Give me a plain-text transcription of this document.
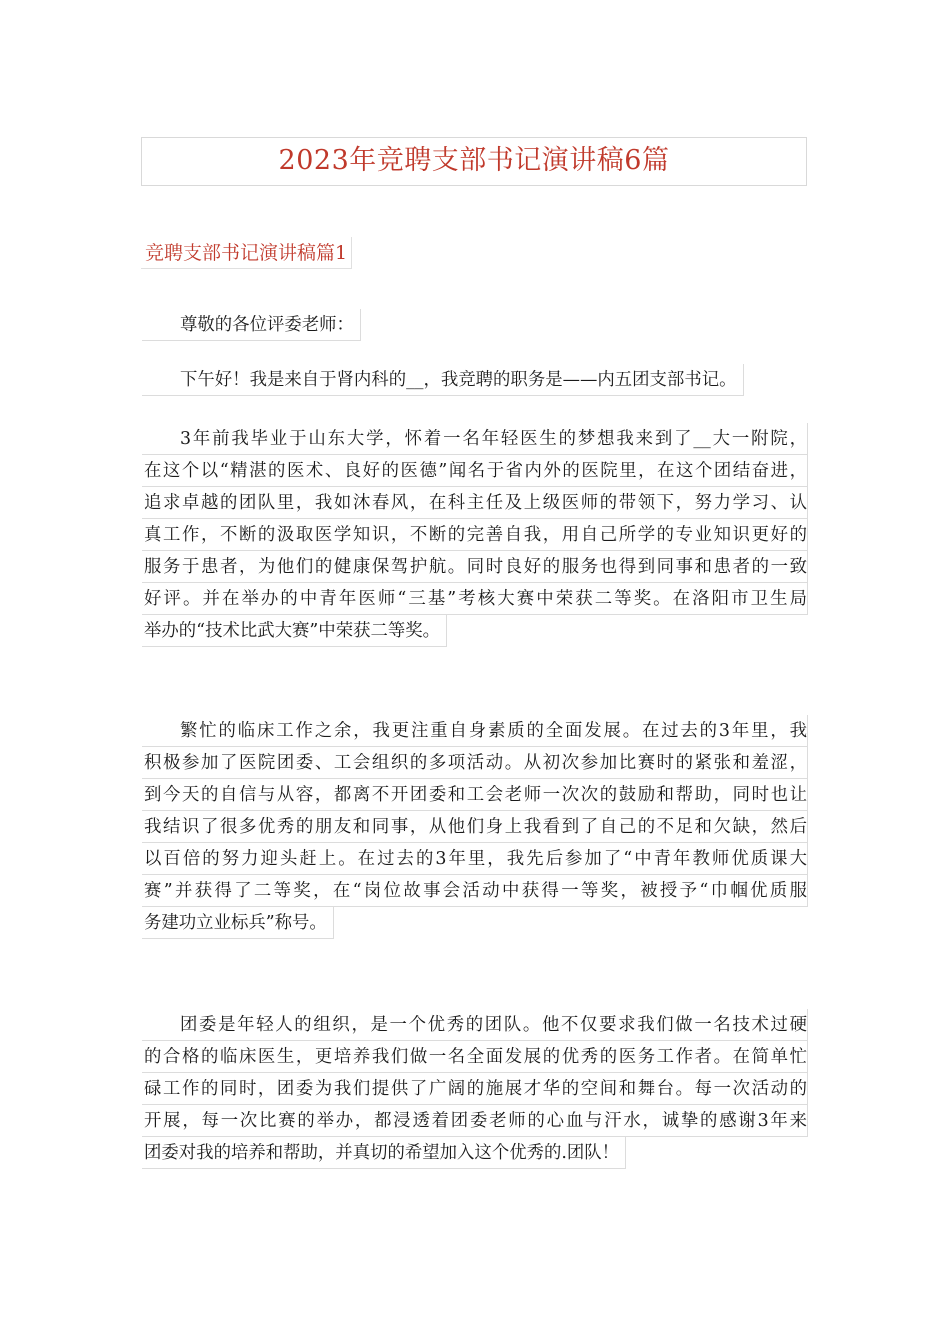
2023年竞聘支部书记演讲稿6篇
竞聘支部书记演讲稿篇1
尊敬的各位评委老师：
下午好！我是来自于肾内科的__，我竞聘的职务是——内五团支部书记。
3年前我毕业于山东大学，怀着一名年轻医生的梦想我来到了__大一附院，
在这个以“精湛的医术、良好的医德”闻名于省内外的医院里，在这个团结奋进，
追求卓越的团队里，我如沐春风，在科主任及上级医师的带领下，努力学习、认
真工作，不断的汲取医学知识，不断的完善自我，用自己所学的专业知识更好的
服务于患者，为他们的健康保驾护航。同时良好的服务也得到同事和患者的一致
好评。并在举办的中青年医师“三基”考核大赛中荣获二等奖。在洛阳市卫生局
举办的“技术比武大赛”中荣获二等奖。
繁忙的临床工作之余，我更注重自身素质的全面发展。在过去的3年里，我
积极参加了医院团委、工会组织的多项活动。从初次参加比赛时的紧张和羞涩，
到今天的自信与从容，都离不开团委和工会老师一次次的鼓励和帮助，同时也让
我结识了很多优秀的朋友和同事，从他们身上我看到了自己的不足和欠缺，然后
以百倍的努力迎头赶上。在过去的3年里，我先后参加了“中青年教师优质课大
赛”并获得了二等奖，在“岗位故事会活动中获得一等奖，被授予“巾帼优质服
务建功立业标兵”称号。
团委是年轻人的组织，是一个优秀的团队。他不仅要求我们做一名技术过硬
的合格的临床医生，更培养我们做一名全面发展的优秀的医务工作者。在简单忙
碌工作的同时，团委为我们提供了广阔的施展才华的空间和舞台。每一次活动的
开展，每一次比赛的举办，都浸透着团委老师的心血与汗水，诚挚的感谢3年来
团委对我的培养和帮助，并真切的希望加入这个优秀的.团队！
